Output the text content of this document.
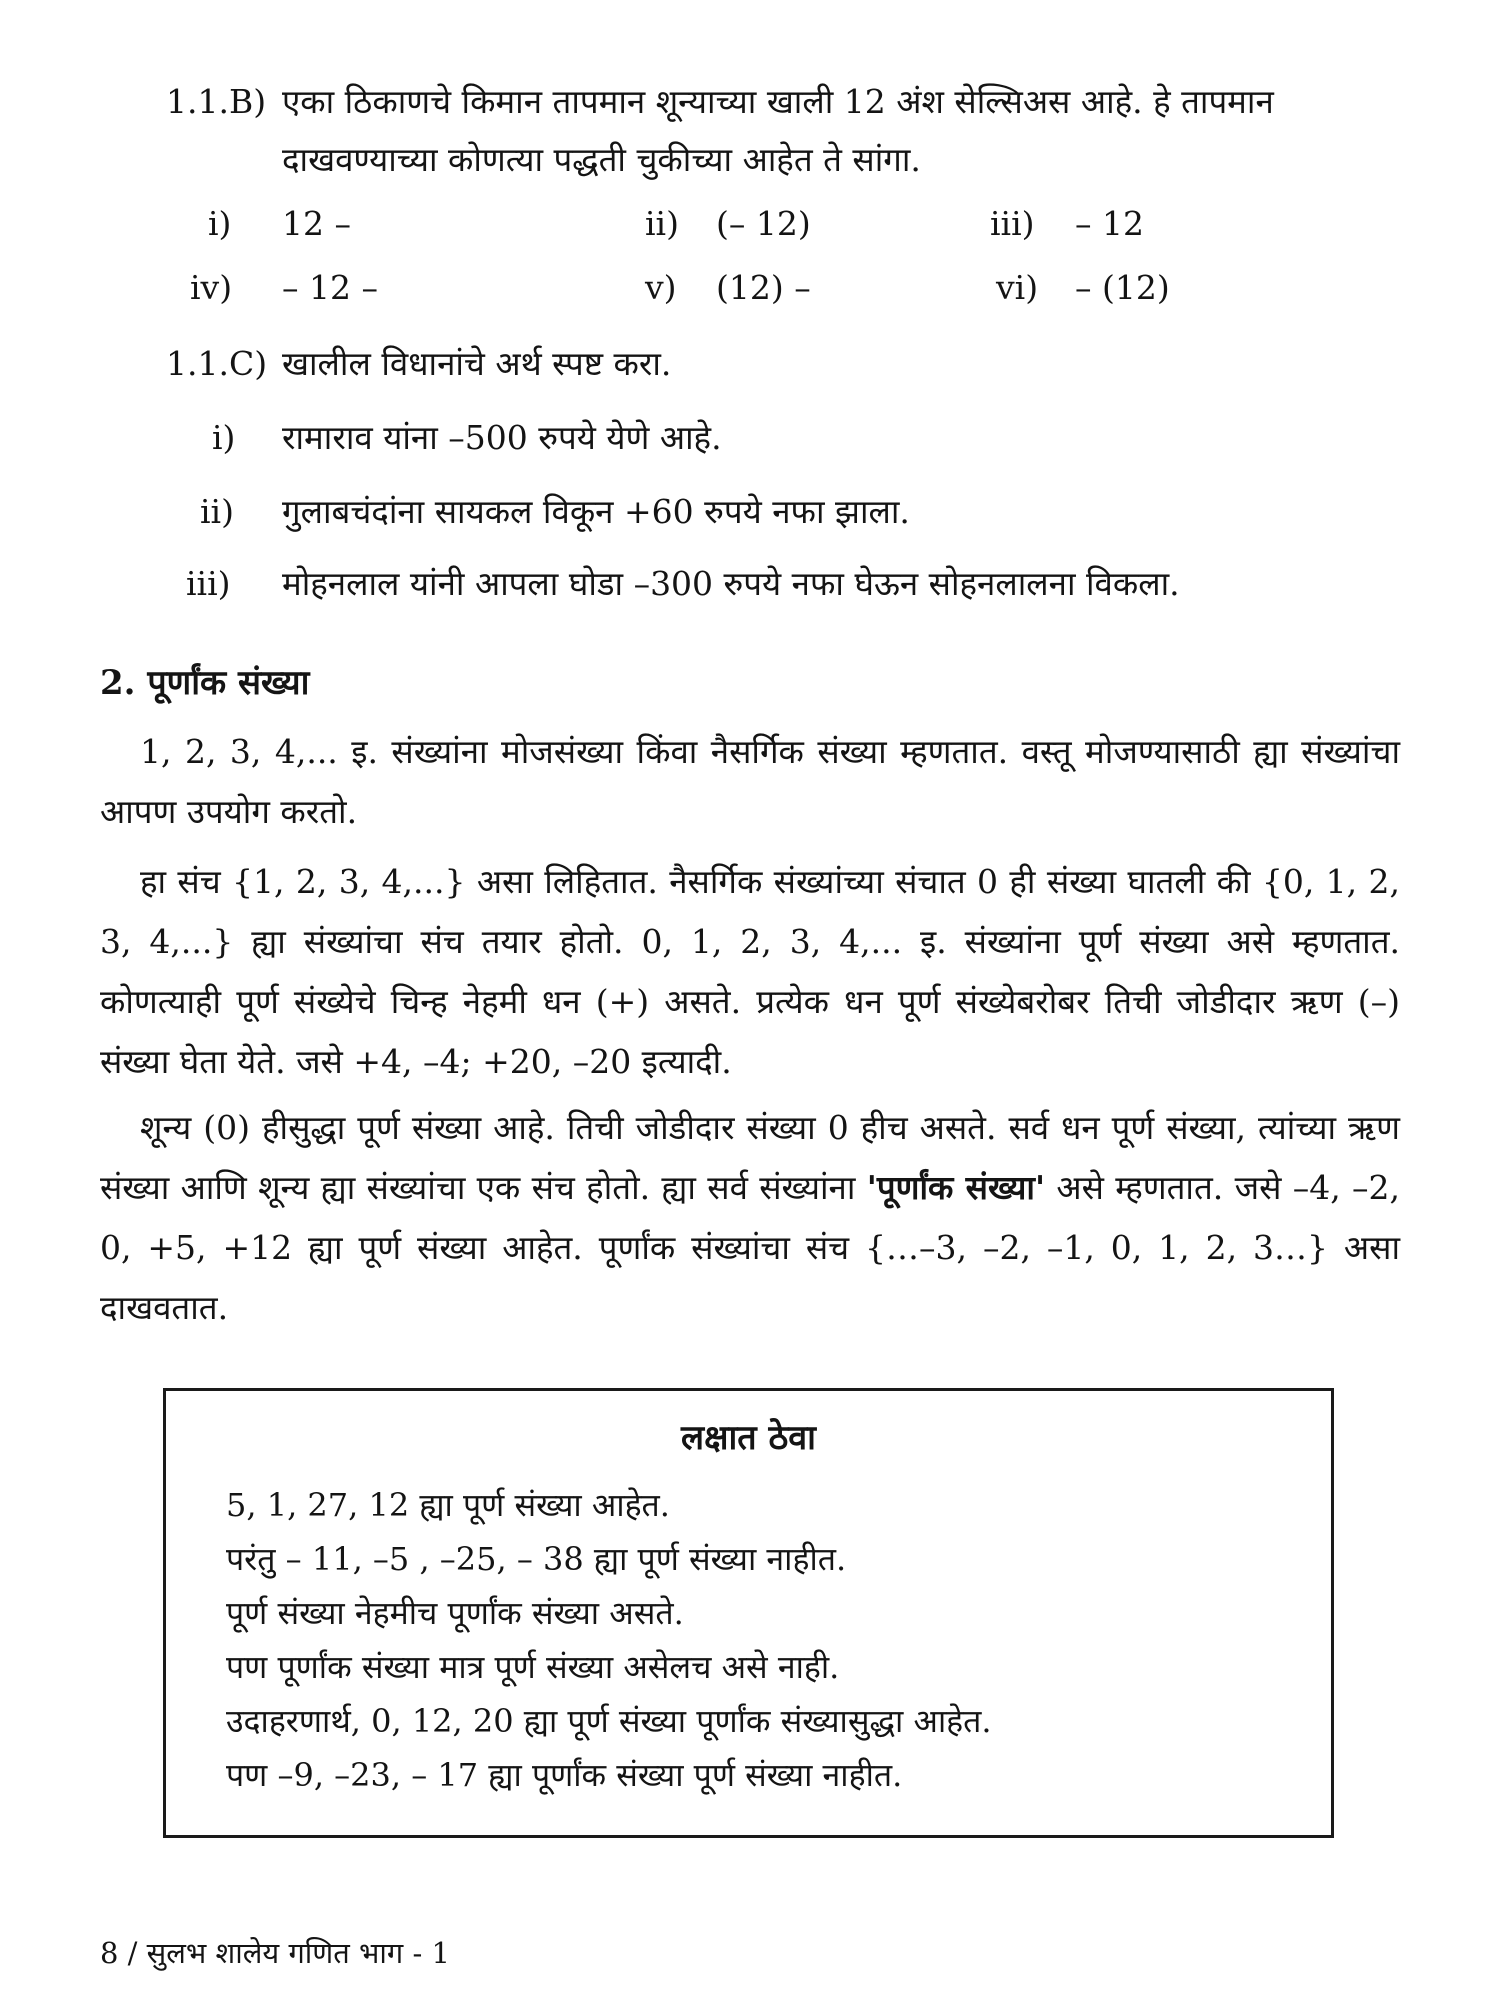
1.1.B) एका ठिकाणचे किमान तापमान शून्याच्या खाली 12 अंश सेल्सिअस आहे. हे तापमान
दाखवण्याच्या कोणत्या पद्धती चुकीच्या आहेत ते सांगा.
i) 12 –	ii) (– 12)	iii) – 12
iv) – 12 –	v) (12) –	vi) – (12)
1.1.C) खालील विधानांचे अर्थ स्पष्ट करा.
i) रामाराव यांना –500 रुपये येणे आहे.
ii) गुलाबचंदांना सायकल विकून +60 रुपये नफा झाला.
iii) मोहनलाल यांनी आपला घोडा –300 रुपये नफा घेऊन सोहनलालना विकला.
2. पूर्णांक संख्या

1, 2, 3, 4,... इ. संख्यांना मोजसंख्या किंवा नैसर्गिक संख्या म्हणतात. वस्तू मोजण्यासाठी ह्या संख्यांचा आपण उपयोग करतो.

हा संच {1, 2, 3, 4,...} असा लिहितात. नैसर्गिक संख्यांच्या संचात 0 ही संख्या घातली की {0, 1, 2, 3, 4,...} ह्या संख्यांचा संच तयार होतो. 0, 1, 2, 3, 4,... इ. संख्यांना पूर्ण संख्या असे म्हणतात. कोणत्याही पूर्ण संख्येचे चिन्ह नेहमी धन (+) असते. प्रत्येक धन पूर्ण संख्येबरोबर तिची जोडीदार ऋण (–) संख्या घेता येते. जसे +4, –4; +20, –20 इत्यादी.

शून्य (0) हीसुद्धा पूर्ण संख्या आहे. तिची जोडीदार संख्या 0 हीच असते. सर्व धन पूर्ण संख्या, त्यांच्या ऋण संख्या आणि शून्य ह्या संख्यांचा एक संच होतो. ह्या सर्व संख्यांना 'पूर्णांक संख्या' असे म्हणतात. जसे –4, –2, 0, +5, +12 ह्या पूर्ण संख्या आहेत. पूर्णांक संख्यांचा संच {…–3, –2, –1, 0, 1, 2, 3…} असा दाखवतात.

लक्षात ठेवा
5, 1, 27, 12 ह्या पूर्ण संख्या आहेत.
परंतु – 11, –5 , –25, – 38 ह्या पूर्ण संख्या नाहीत.
पूर्ण संख्या नेहमीच पूर्णांक संख्या असते.
पण पूर्णांक संख्या मात्र पूर्ण संख्या असेलच असे नाही.
उदाहरणार्थ, 0, 12, 20 ह्या पूर्ण संख्या पूर्णांक संख्यासुद्धा आहेत.
पण –9, –23, – 17 ह्या पूर्णांक संख्या पूर्ण संख्या नाहीत.
8 / सुलभ शालेय गणित भाग - 1
